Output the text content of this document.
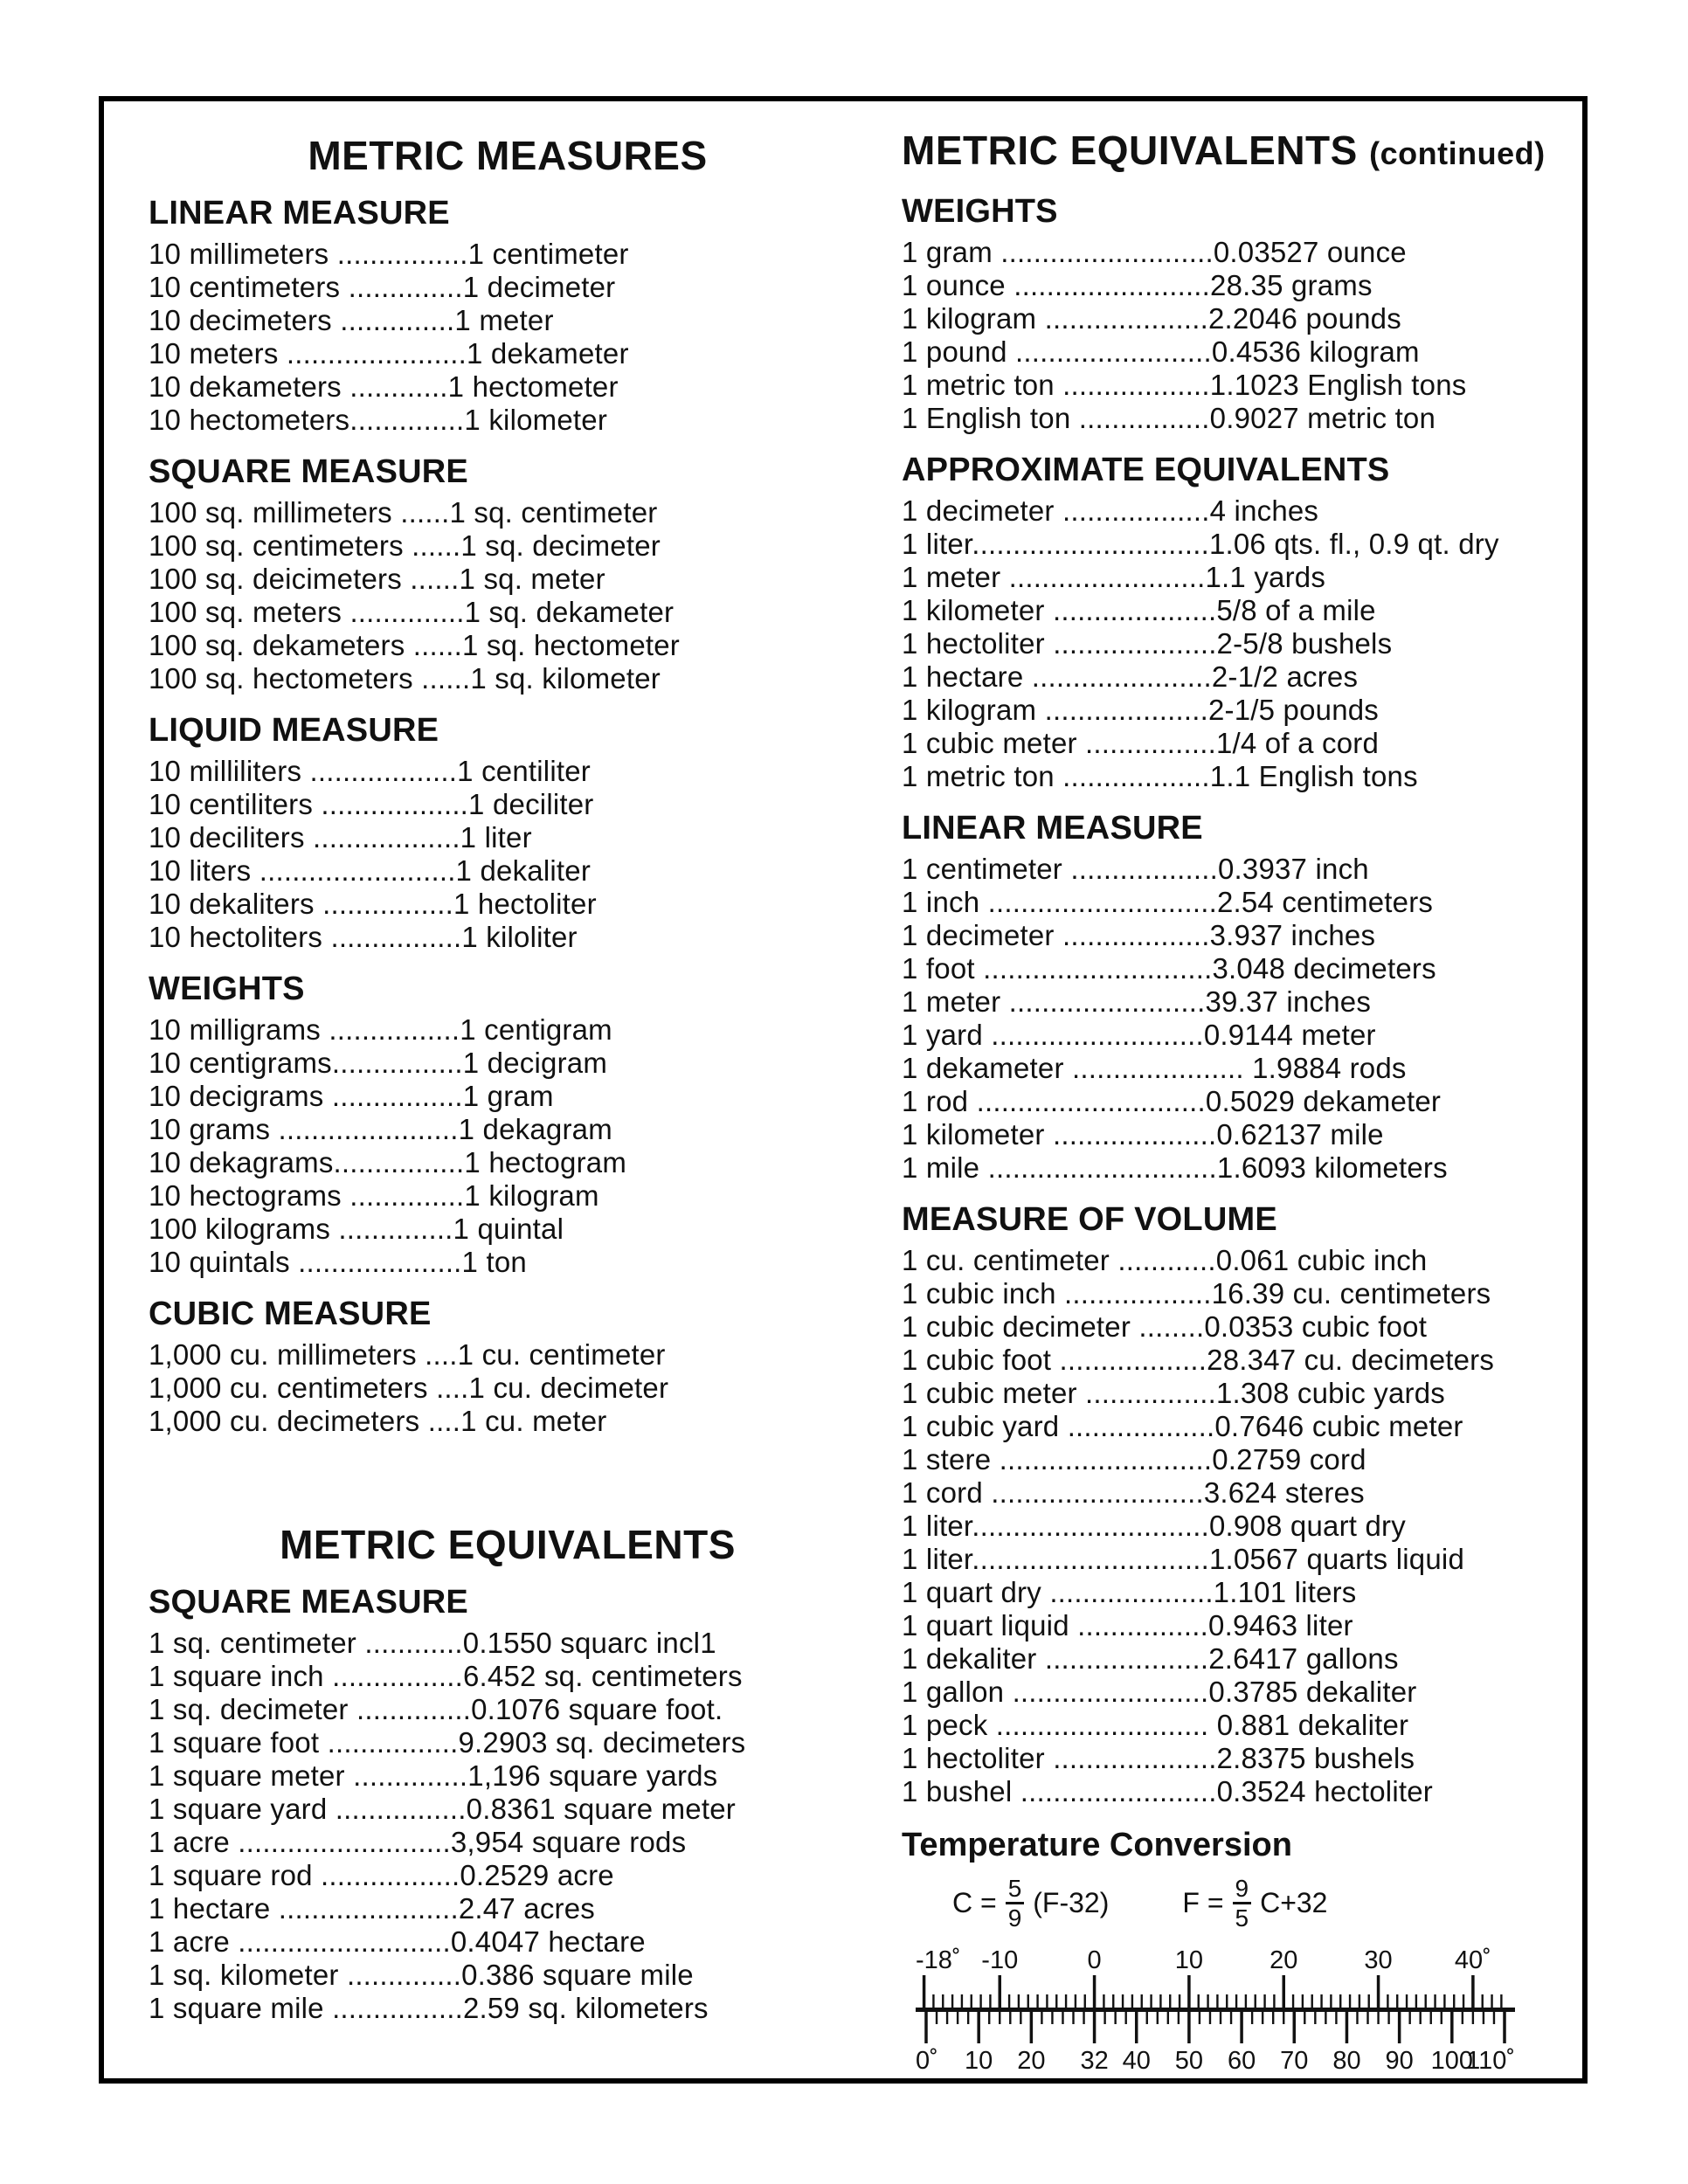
METRIC MEASURES
LINEAR MEASURE
10 millimeters ................1 centimeter
10 centimeters ..............1 decimeter
10 decimeters ..............1 meter
10 meters ......................1 dekameter
10 dekameters ............1 hectometer
10 hectometers..............1 kilometer
SQUARE MEASURE
100 sq. millimeters ......1 sq. centimeter
100 sq. centimeters ......1 sq. decimeter
100 sq. deicimeters ......1 sq. meter
100 sq. meters ..............1 sq. dekameter
100 sq. dekameters ......1 sq. hectometer
100 sq. hectometers ......1 sq. kilometer
LIQUID MEASURE
10 milliliters ..................1 centiliter
10 centiliters ..................1 deciliter
10 deciliters ..................1 liter
10 liters ........................1 dekaliter
10 dekaliters ................1 hectoliter
10 hectoliters ................1 kiloliter
WEIGHTS
10 milligrams ................1 centigram
10 centigrams................1 decigram
10 decigrams ................1 gram
10 grams ......................1 dekagram
10 dekagrams................1 hectogram
10 hectograms ..............1 kilogram
100 kilograms ..............1 quintal
10 quintals ....................1 ton
CUBIC MEASURE
1,000 cu. millimeters ....1 cu. centimeter
1,000 cu. centimeters ....1 cu. decimeter
1,000 cu. decimeters ....1 cu. meter
METRIC EQUIVALENTS
SQUARE MEASURE
1 sq. centimeter ............0.1550 squarc incl1
1 square inch ................6.452 sq. centimeters
1 sq. decimeter ..............0.1076 square foot.
1 square foot ................9.2903 sq. decimeters
1 square meter ..............1,196 square yards
1 square yard ................0.8361 square meter
1 acre ..........................3,954 square rods
1 square rod .................0.2529 acre
1 hectare ......................2.47 acres
1 acre ..........................0.4047 hectare
1 sq. kilometer ..............0.386 square mile
1 square mile ................2.59 sq. kilometers
METRIC EQUIVALENTS (continued)
WEIGHTS
1 gram ..........................0.03527 ounce
1 ounce ........................28.35 grams
1 kilogram ....................2.2046 pounds
1 pound ........................0.4536 kilogram
1 metric ton ..................1.1023 English tons
1 English ton ................0.9027 metric ton
APPROXIMATE EQUIVALENTS
1 decimeter ..................4 inches
1 liter.............................1.06 qts. fl., 0.9 qt. dry
1 meter ........................1.1 yards
1 kilometer ....................5/8 of a mile
1 hectoliter ....................2-5/8 bushels
1 hectare ......................2-1/2 acres
1 kilogram ....................2-1/5 pounds
1 cubic meter ................1/4 of a cord
1 metric ton ..................1.1 English tons
LINEAR MEASURE
1 centimeter ..................0.3937 inch
1 inch ............................2.54 centimeters
1 decimeter ..................3.937 inches
1 foot ............................3.048 decimeters
1 meter ........................39.37 inches
1 yard ..........................0.9144 meter
1 dekameter ..................... 1.9884 rods
1 rod ............................0.5029 dekameter
1 kilometer ....................0.62137 mile
1 mile ............................1.6093 kilometers
MEASURE OF VOLUME
1 cu. centimeter ............0.061 cubic inch
1 cubic inch ..................16.39 cu. centimeters
1 cubic decimeter ........0.0353 cubic foot
1 cubic foot ..................28.347 cu. decimeters
1 cubic meter ................1.308 cubic yards
1 cubic yard ..................0.7646 cubic meter
1 stere ..........................0.2759 cord
1 cord ..........................3.624 steres
1 liter.............................0.908 quart dry
1 liter.............................1.0567 quarts liquid
1 quart dry ....................1.101 liters
1 quart liquid ................0.9463 liter
1 dekaliter ....................2.6417 gallons
1 gallon ........................0.3785 dekaliter
1 peck .......................... 0.881 dekaliter
1 hectoliter ....................2.8375 bushels
1 bushel ........................0.3524 hectoliter
Temperature Conversion
$C = \frac{5}{9} (F-32)$	$F = \frac{9}{5} C+32$
-18˚ -10	0	10	20	30 40˚
0˚ 10 20 32 40 50 60 70 80 90 100
110˚
